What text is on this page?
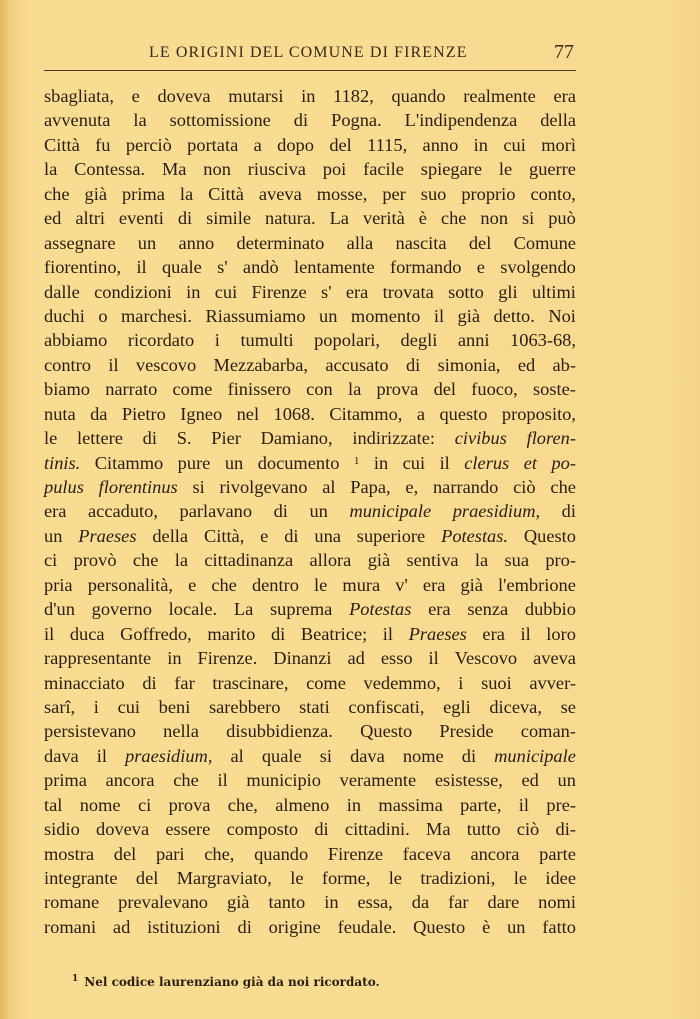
LE ORIGINI DEL COMUNE DI FIRENZE	77
sbagliata, e doveva mutarsi in 1182, quando realmente era
avvenuta la sottomissione di Pogna. L'indipendenza della
Città fu perciò portata a dopo del 1115, anno in cui morì
la Contessa. Ma non riusciva poi facile spiegare le guerre
che già prima la Città aveva mosse, per suo proprio conto,
ed altri eventi di simile natura. La verità è che non si può
assegnare un anno determinato alla nascita del Comune
fiorentino, il quale s' andò lentamente formando e svolgendo
dalle condizioni in cui Firenze s' era trovata sotto gli ultimi
duchi o marchesi. Riassumiamo un momento il già detto. Noi
abbiamo ricordato i tumulti popolari, degli anni 1063-68,
contro il vescovo Mezzabarba, accusato di simonia, ed ab-
biamo narrato come finissero con la prova del fuoco, soste-
nuta da Pietro Igneo nel 1068. Citammo, a questo proposito,
le lettere di S. Pier Damiano, indirizzate: civibus floren-
tinis. Citammo pure un documento $^1$ in cui il clerus et po-
pulus florentinus si rivolgevano al Papa, e, narrando ciò che
era accaduto, parlavano di un municipale praesidium, di
un Praeses della Città, e di una superiore Potestas. Questo
ci provò che la cittadinanza allora già sentiva la sua pro-
pria personalità, e che dentro le mura v' era già l'embrione
d'un governo locale. La suprema Potestas era senza dubbio
il duca Goffredo, marito di Beatrice; il Praeses era il loro
rappresentante in Firenze. Dinanzi ad esso il Vescovo aveva
minacciato di far trascinare, come vedemmo, i suoi avver-
sarî, i cui beni sarebbero stati confiscati, egli diceva, se
persistevano nella disubbidienza. Questo Preside coman-
dava il praesidium, al quale si dava nome di municipale
prima ancora che il municipio veramente esistesse, ed un
tal nome ci prova che, almeno in massima parte, il pre-
sidio doveva essere composto di cittadini. Ma tutto ciò di-
mostra del pari che, quando Firenze faceva ancora parte
integrante del Margraviato, le forme, le tradizioni, le idee
romane prevalevano già tanto in essa, da far dare nomi
romani ad istituzioni di origine feudale. Questo è un fatto
$^1$ Nel codice laurenziano già da noi ricordato.
